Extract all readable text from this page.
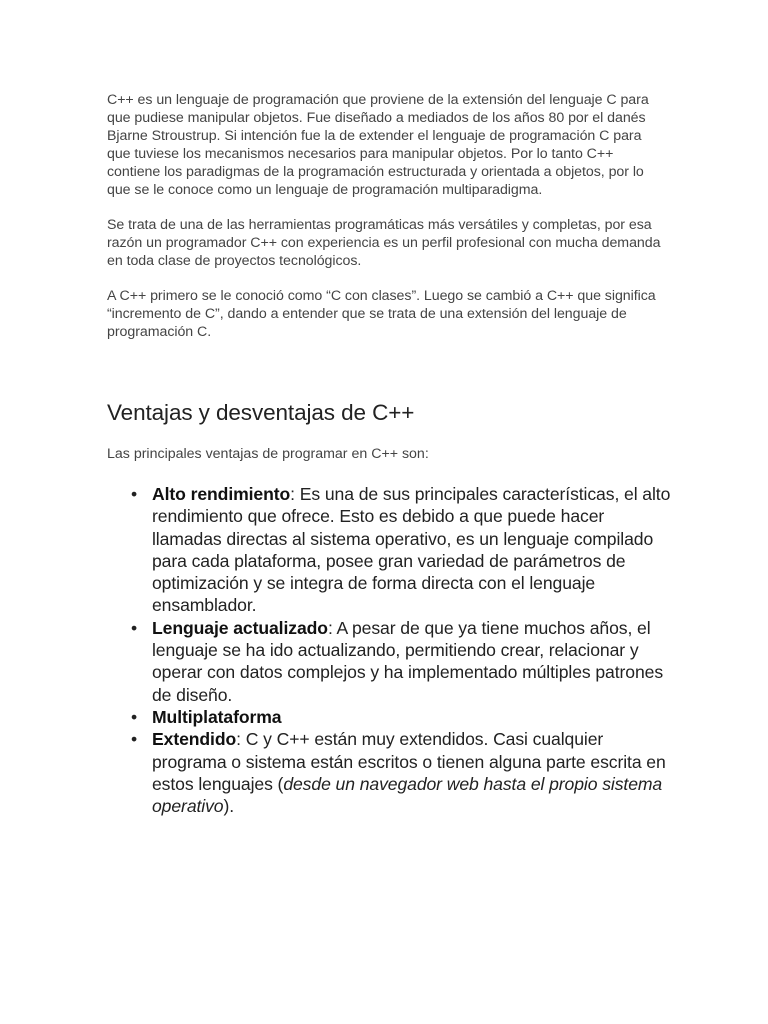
C++ es un lenguaje de programación que proviene de la extensión del lenguaje C para que pudiese manipular objetos. Fue diseñado a mediados de los años 80 por el danés Bjarne Stroustrup. Si intención fue la de extender el lenguaje de programación C para que tuviese los mecanismos necesarios para manipular objetos. Por lo tanto C++ contiene los paradigmas de la programación estructurada y orientada a objetos, por lo que se le conoce como un lenguaje de programación multiparadigma.

Se trata de una de las herramientas programáticas más versátiles y completas, por esa razón un programador C++ con experiencia es un perfil profesional con mucha demanda en toda clase de proyectos tecnológicos.

A C++ primero se le conoció como “C con clases”. Luego se cambió a C++ que significa “incremento de C”, dando a entender que se trata de una extensión del lenguaje de programación C.

Ventajas y desventajas de C++

Las principales ventajas de programar en C++ son:

• Alto rendimiento: Es una de sus principales características, el alto rendimiento que ofrece. Esto es debido a que puede hacer llamadas directas al sistema operativo, es un lenguaje compilado para cada plataforma, posee gran variedad de parámetros de optimización y se integra de forma directa con el lenguaje ensamblador.
• Lenguaje actualizado: A pesar de que ya tiene muchos años, el lenguaje se ha ido actualizando, permitiendo crear, relacionar y operar con datos complejos y ha implementado múltiples patrones de diseño.
• Multiplataforma
• Extendido: C y C++ están muy extendidos. Casi cualquier programa o sistema están escritos o tienen alguna parte escrita en estos lenguajes (desde un navegador web hasta el propio sistema operativo).
